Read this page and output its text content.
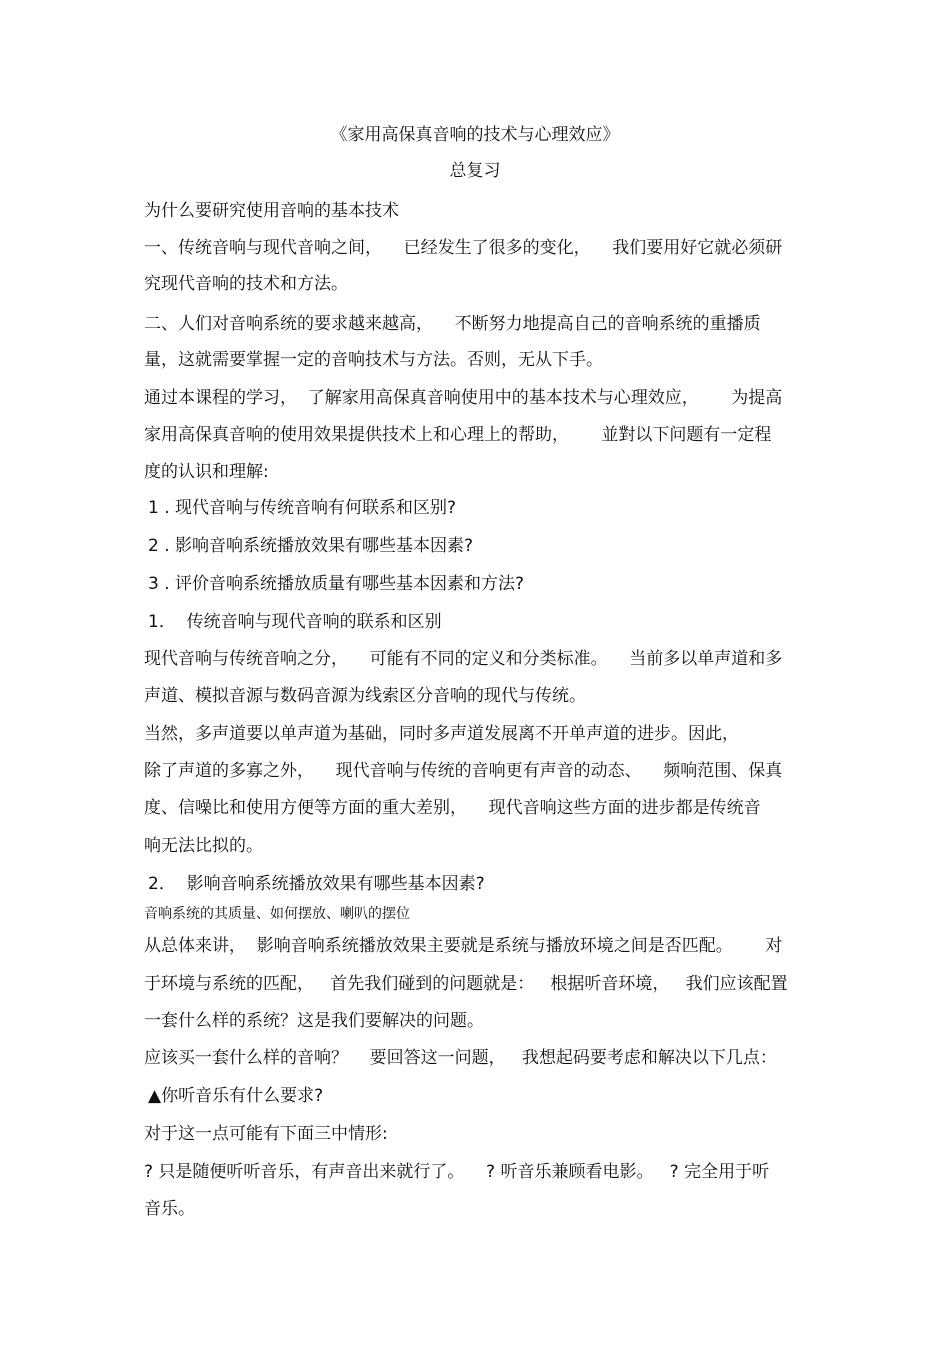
《家用高保真音响的技术与心理效应》

总复习

为什么要研究使用音响的基本技术

一、传统音响与现代音响之间，    已经发生了很多的变化，    我们要用好它就必须研

究现代音响的技术和方法。

二、人们对音响系统的要求越来越高，    不断努力地提高自己的音响系统的重播质

量，这就需要掌握一定的音响技术与方法。否则，无从下手。

通过本课程的学习，  了解家用高保真音响使用中的基本技术与心理效应，      为提高

家用高保真音响的使用效果提供技术上和心理上的帮助，      並對以下问题有一定程

度的认识和理解:

1 . 现代音响与传统音响有何联系和区别?

2 . 影响音响系统播放效果有哪些基本因素?

3 . 评价音响系统播放质量有哪些基本因素和方法?

1．  传统音响与现代音响的联系和区别

现代音响与传统音响之分，    可能有不同的定义和分类标准。    当前多以单声道和多

声道、模拟音源与数码音源为线索区分音响的现代与传统。

当然，多声道要以单声道为基础，同时多声道发展离不开单声道的进步。因此，

除了声道的多寡之外，    现代音响与传统的音响更有声音的动态、    频响范围、保真

度、信噪比和使用方便等方面的重大差别，    现代音响这些方面的进步都是传统音

响无法比拟的。

2．  影响音响系统播放效果有哪些基本因素?

音响系统的其质量、如何摆放、喇叭的摆位

从总体来讲，  影响音响系统播放效果主要就是系统与播放环境之间是否匹配。      对

于环境与系统的匹配，   首先我们碰到的问题就是：   根据听音环境，   我们应该配置

一套什么样的系统？这是我们要解决的问题。

应该买一套什么样的音响？    要回答这一问题，   我想起码要考虑和解决以下几点：

▲你听音乐有什么要求?

对于这一点可能有下面三中情形:

? 只是随便听听音乐，有声音出来就行了。    ? 听音乐兼顾看电影。   ? 完全用于听

音乐。
